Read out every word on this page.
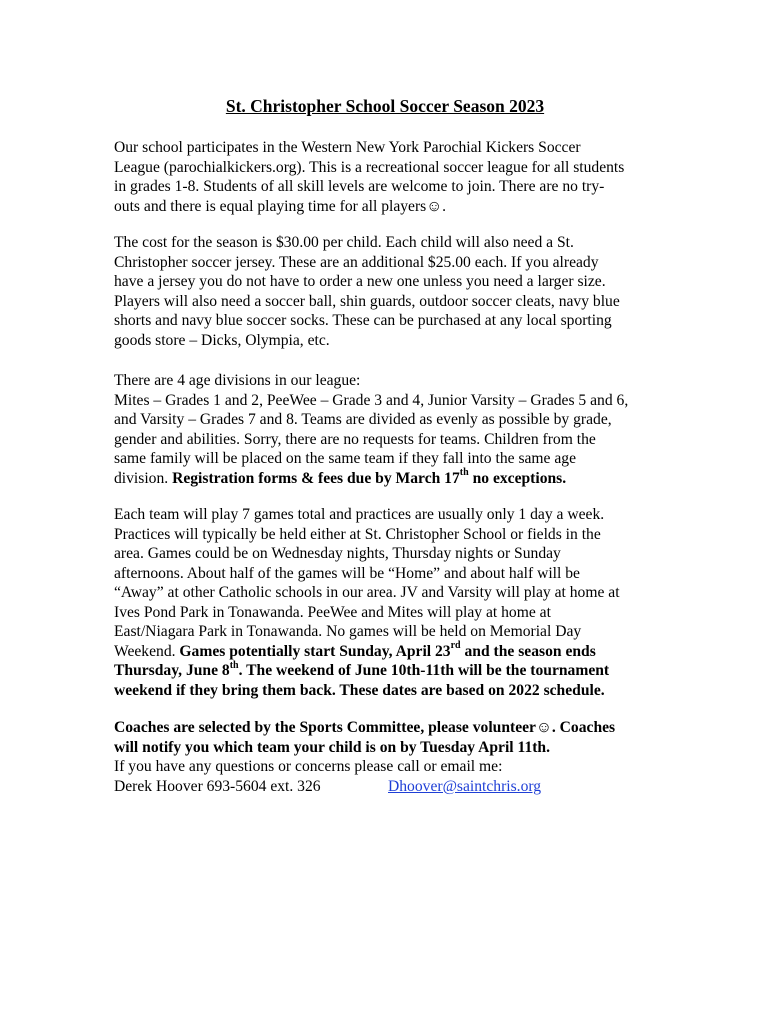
St. Christopher School Soccer Season 2023
Our school participates in the Western New York Parochial Kickers Soccer
League (parochialkickers.org). This is a recreational soccer league for all students
in grades 1-8. Students of all skill levels are welcome to join. There are no try-
outs and there is equal playing time for all players☺.
The cost for the season is $30.00 per child. Each child will also need a St.
Christopher soccer jersey. These are an additional $25.00 each. If you already
have a jersey you do not have to order a new one unless you need a larger size.
Players will also need a soccer ball, shin guards, outdoor soccer cleats, navy blue
shorts and navy blue soccer socks. These can be purchased at any local sporting
goods store – Dicks, Olympia, etc.
There are 4 age divisions in our league:
Mites – Grades 1 and 2, PeeWee – Grade 3 and 4, Junior Varsity – Grades 5 and 6,
and Varsity – Grades 7 and 8. Teams are divided as evenly as possible by grade,
gender and abilities. Sorry, there are no requests for teams. Children from the
same family will be placed on the same team if they fall into the same age
division. Registration forms & fees due by March 17th no exceptions.
Each team will play 7 games total and practices are usually only 1 day a week.
Practices will typically be held either at St. Christopher School or fields in the
area. Games could be on Wednesday nights, Thursday nights or Sunday
afternoons. About half of the games will be “Home” and about half will be
“Away” at other Catholic schools in our area. JV and Varsity will play at home at
Ives Pond Park in Tonawanda. PeeWee and Mites will play at home at
East/Niagara Park in Tonawanda. No games will be held on Memorial Day
Weekend. Games potentially start Sunday, April 23rd and the season ends
Thursday, June 8th. The weekend of June 10th-11th will be the tournament
weekend if they bring them back. These dates are based on 2022 schedule.
Coaches are selected by the Sports Committee, please volunteer☺. Coaches
will notify you which team your child is on by Tuesday April 11th.
If you have any questions or concerns please call or email me:
Derek Hoover 693-5604 ext. 326	Dhoover@saintchris.org
